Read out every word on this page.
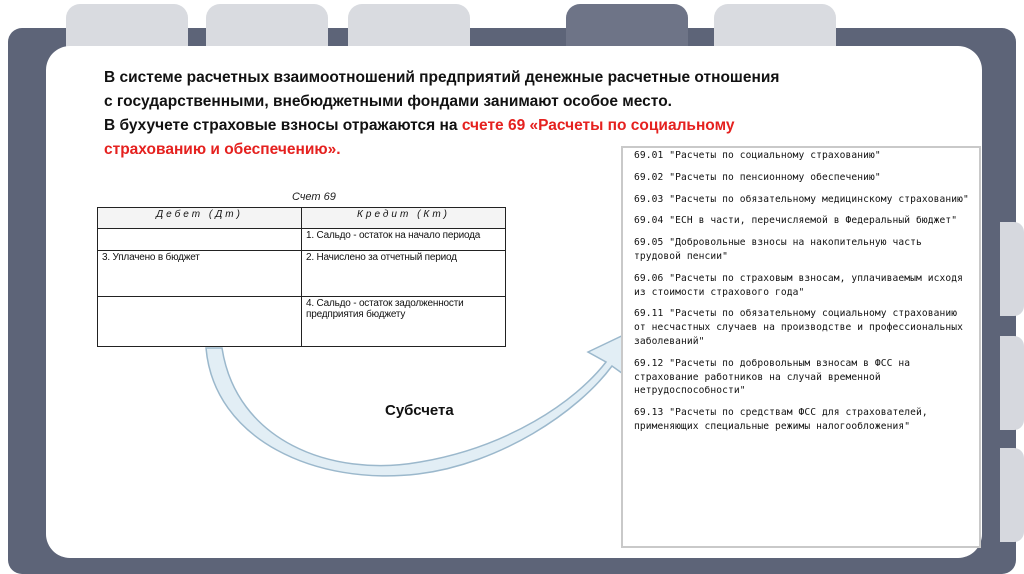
В системе расчетных взаимоотношений предприятий денежные расчетные отношения
с государственными, внебюджетными фондами занимают особое место.
В бухучете страховые взносы отражаются на счете 69 «Расчеты по социальному
страхованию и обеспечению».
Счет 69
Дебет (Дт)	Кредит (Кт)
	1. Сальдо - остаток на начало периода
3. Уплачено в бюджет	2. Начислено за отчетный период
	4. Сальдо - остаток задолженности предприятия бюджету
Субсчета
69.01 "Расчеты по социальному страхованию"
69.02 "Расчеты по пенсионному обеспечению"
69.03 "Расчеты по обязательному медицинскому страхованию"
69.04 "ЕСН в части, перечисляемой в Федеральный бюджет"
69.05 "Добровольные взносы на накопительную часть трудовой пенсии"
69.06 "Расчеты по страховым взносам, уплачиваемым исходя из стоимости страхового года"
69.11 "Расчеты по обязательному социальному страхованию от несчастных случаев на производстве и профессиональных заболеваний"
69.12 "Расчеты по добровольным взносам в ФСС на страхование работников на случай временной нетрудоспособности"
69.13 "Расчеты по средствам ФСС для страхователей, применяющих специальные режимы налогообложения"
